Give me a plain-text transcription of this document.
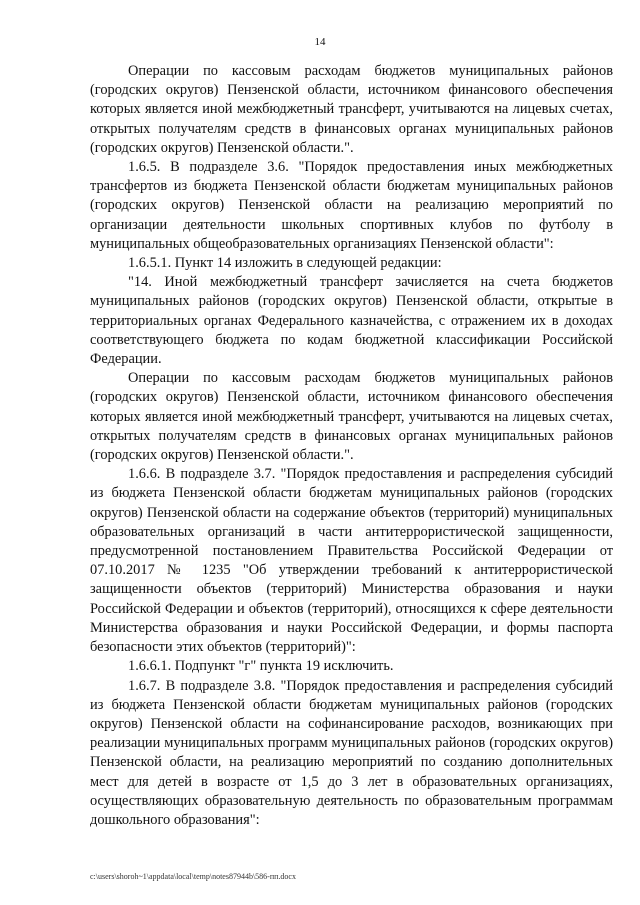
14

Операции по кассовым расходам бюджетов муниципальных районов (городских округов) Пензенской области, источником финансового обеспечения которых является иной межбюджетный трансферт, учитываются на лицевых счетах, открытых получателям средств в финансовых органах муниципальных районов (городских округов) Пензенской области.".

1.6.5. В подразделе 3.6. "Порядок предоставления иных межбюджетных трансфертов из бюджета Пензенской области бюджетам муниципальных районов (городских округов) Пензенской области на реализацию мероприятий по организации деятельности школьных спортивных клубов по футболу в муниципальных общеобразовательных организациях Пензенской области":

1.6.5.1. Пункт 14 изложить в следующей редакции:

"14. Иной межбюджетный трансферт зачисляется на счета бюджетов муниципальных районов (городских округов) Пензенской области, открытые в территориальных органах Федерального казначейства, с отражением их в доходах соответствующего бюджета по кодам бюджетной классификации Российской Федерации.

Операции по кассовым расходам бюджетов муниципальных районов (городских округов) Пензенской области, источником финансового обеспечения которых является иной межбюджетный трансферт, учитываются на лицевых счетах, открытых получателям средств в финансовых органах муниципальных районов (городских округов) Пензенской области.".

1.6.6. В подразделе 3.7. "Порядок предоставления и распределения субсидий из бюджета Пензенской области бюджетам муниципальных районов (городских округов) Пензенской области на содержание объектов (территорий) муниципальных образовательных организаций в части антитеррористической защищенности, предусмотренной постановлением Правительства Российской Федерации от 07.10.2017 № 1235 "Об утверждении требований к антитеррористической защищенности объектов (территорий) Министерства образования и науки Российской Федерации и объектов (территорий), относящихся к сфере деятельности Министерства образования и науки Российской Федерации, и формы паспорта безопасности этих объектов (территорий)":

1.6.6.1. Подпункт "г" пункта 19 исключить.

1.6.7. В подразделе 3.8. "Порядок предоставления и распределения субсидий из бюджета Пензенской области бюджетам муниципальных районов (городских округов) Пензенской области на софинансирование расходов, возникающих при реализации муниципальных программ муниципальных районов (городских округов) Пензенской области, на реализацию мероприятий по созданию дополнительных мест для детей в возрасте от 1,5 до 3 лет в образовательных организациях, осуществляющих образовательную деятельность по образовательным программам дошкольного образования":

c:\users\shoroh~1\appdata\local\temp\notes87944b\586-пп.docx
